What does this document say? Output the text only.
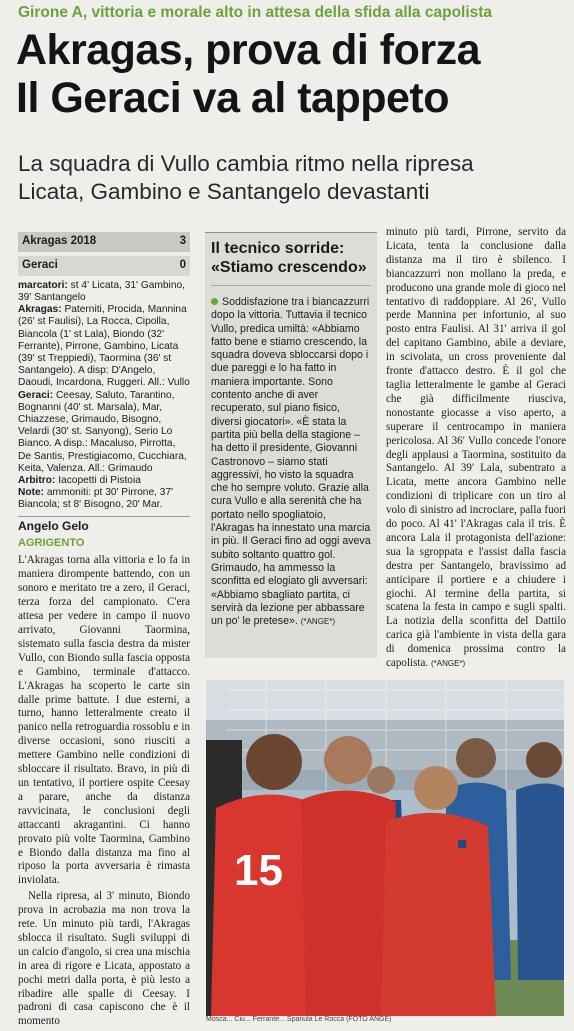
Girone A, vittoria e morale alto in attesa della sfida alla capolista
Akragas, prova di forza
Il Geraci va al tappeto
La squadra di Vullo cambia ritmo nella ripresa
Licata, Gambino e Santangelo devastanti
Akragas 2018	3
Geraci	0
marcatori: st 4' Licata, 31' Gambino, 39' Santangelo
Akragas: Paterniti, Procida, Mannina (26' st Faulisi), La Rocca, Cipolla, Biancola (1' st Lala), Biondo (32' Ferrante), Pirrone, Gambino, Licata (39' st Treppiedi), Taormina (36' st Santangelo). A disp: D'Angelo, Daoudi, Incardona, Ruggeri. All.: Vullo
Geraci: Ceesay, Saluto, Tarantino, Bognanni (40' st. Marsala), Mar, Chiazzese, Grimaudo, Bisogno, Velardi (30' st. Sanyong), Serio Lo Bianco. A disp.: Macaluso, Pirrotta, De Santis, Prestigiacomo, Cucchiara, Keita, Valenza. All.: Grimaudo
Arbitro: Iacopetti di Pistoia
Note: ammoniti: pt 30' Pirrone, 37' Biancola; st 8' Bisogno, 20' Mar.
Angelo Gelo
AGRIGENTO

L'Akragas torna alla vittoria e lo fa in maniera dirompente battendo, con un sonoro e meritato tre a zero, il Geraci, terza forza del campionato. C'era attesa per vedere in campo il nuovo arrivato, Giovanni Taormina, sistemato sulla fascia destra da mister Vullo, con Biondo sulla fascia opposta e Gambino, terminale d'attacco. L'Akragas ha scoperto le carte sin dalle prime battute. I due esterni, a turno, hanno letteralmente creato il panico nella retroguardia rossoblu e in diverse occasioni, sono riusciti a mettere Gambino nelle condizioni di sbloccare il risultato. Bravo, in più di un tentativo, il portiere ospite Ceesay a parare, anche da distanza ravvicinata, le conclusioni degli attaccanti akragantini. Ci hanno provato più volte Taormina, Gambino e Biondo dalla distanza ma fino al riposo la porta avversaria è rimasta inviolata.

Nella ripresa, al 3' minuto, Biondo prova in acrobazia ma non trova la rete. Un minuto più tardi, l'Akragas sblocca il risultato. Sugli sviluppi di un calcio d'angolo, si crea una mischia in area di rigore e Licata, appostato a pochi metri dalla porta, è più lesto a ribadire alle spalle di Ceesay. I padroni di casa capiscono che è il momento

Il tecnico sorride:
«Stiamo crescendo»
Soddisfazione tra i biancazzurri dopo la vittoria. Tuttavia il tecnico Vullo, predica umiltà: «Abbiamo fatto bene e stiamo crescendo, la squadra doveva sbloccarsi dopo i due pareggi e lo ha fatto in maniera importante. Sono contento anche di aver recuperato, sul piano fisico, diversi giocatori». «È stata la partita più bella della stagione – ha detto il presidente, Giovanni Castronovo – siamo stati aggressivi, ho visto la squadra che ho sempre voluto. Grazie alla cura Vullo e alla serenità che ha portato nello spogliatoio, l'Akragas ha innestato una marcia in più. Il Geraci fino ad oggi aveva subito soltanto quattro gol. Grimaudo, ha ammesso la sconfitta ed elogiato gli avversari: «Abbiamo sbagliato partita, ci servirà da lezione per abbassare un po' le pretese». (*ANGE*)

minuto più tardi, Pirrone, servito da Licata, tenta la conclusione dalla distanza ma il tiro è sbilenco. I biancazzurri non mollano la preda, e producono una grande mole di gioco nel tentativo di raddoppiare. Al 26', Vullo perde Mannina per infortunio, al suo posto entra Faulisi. Al 31' arriva il gol del capitano Gambino, abile a deviare, in scivolata, un cross proveniente dal fronte d'attacco destro. È il gol che taglia letteralmente le gambe al Geraci che già difficilmente riusciva, nonostante giocasse a viso aperto, a superare il centrocampo in maniera pericolosa. Al 36' Vullo concede l'onore degli applausi a Taormina, sostituito da Santangelo. Al 39' Lala, subentrato a Licata, mette ancora Gambino nelle condizioni di triplicare con un tiro al volo di sinistro ad incrociare, palla fuori do poco. Al 41' l'Akragas cala il tris. È ancora Lala il protagonista dell'azione: sua la sgroppata e l'assist dalla fascia destra per Santangelo, bravissimo ad anticipare il portiere e a chiudere i giochi. Al termine della partita, si scatena la festa in campo e sugli spalti. La notizia della sconfitta del Dattilo carica già l'ambiente in vista della gara di domenica prossima contro la capolista. (*ANGE*)

15
Mosca... Ciu... Ferrante... Spanula Le Rocca (FOTO ANGE)
